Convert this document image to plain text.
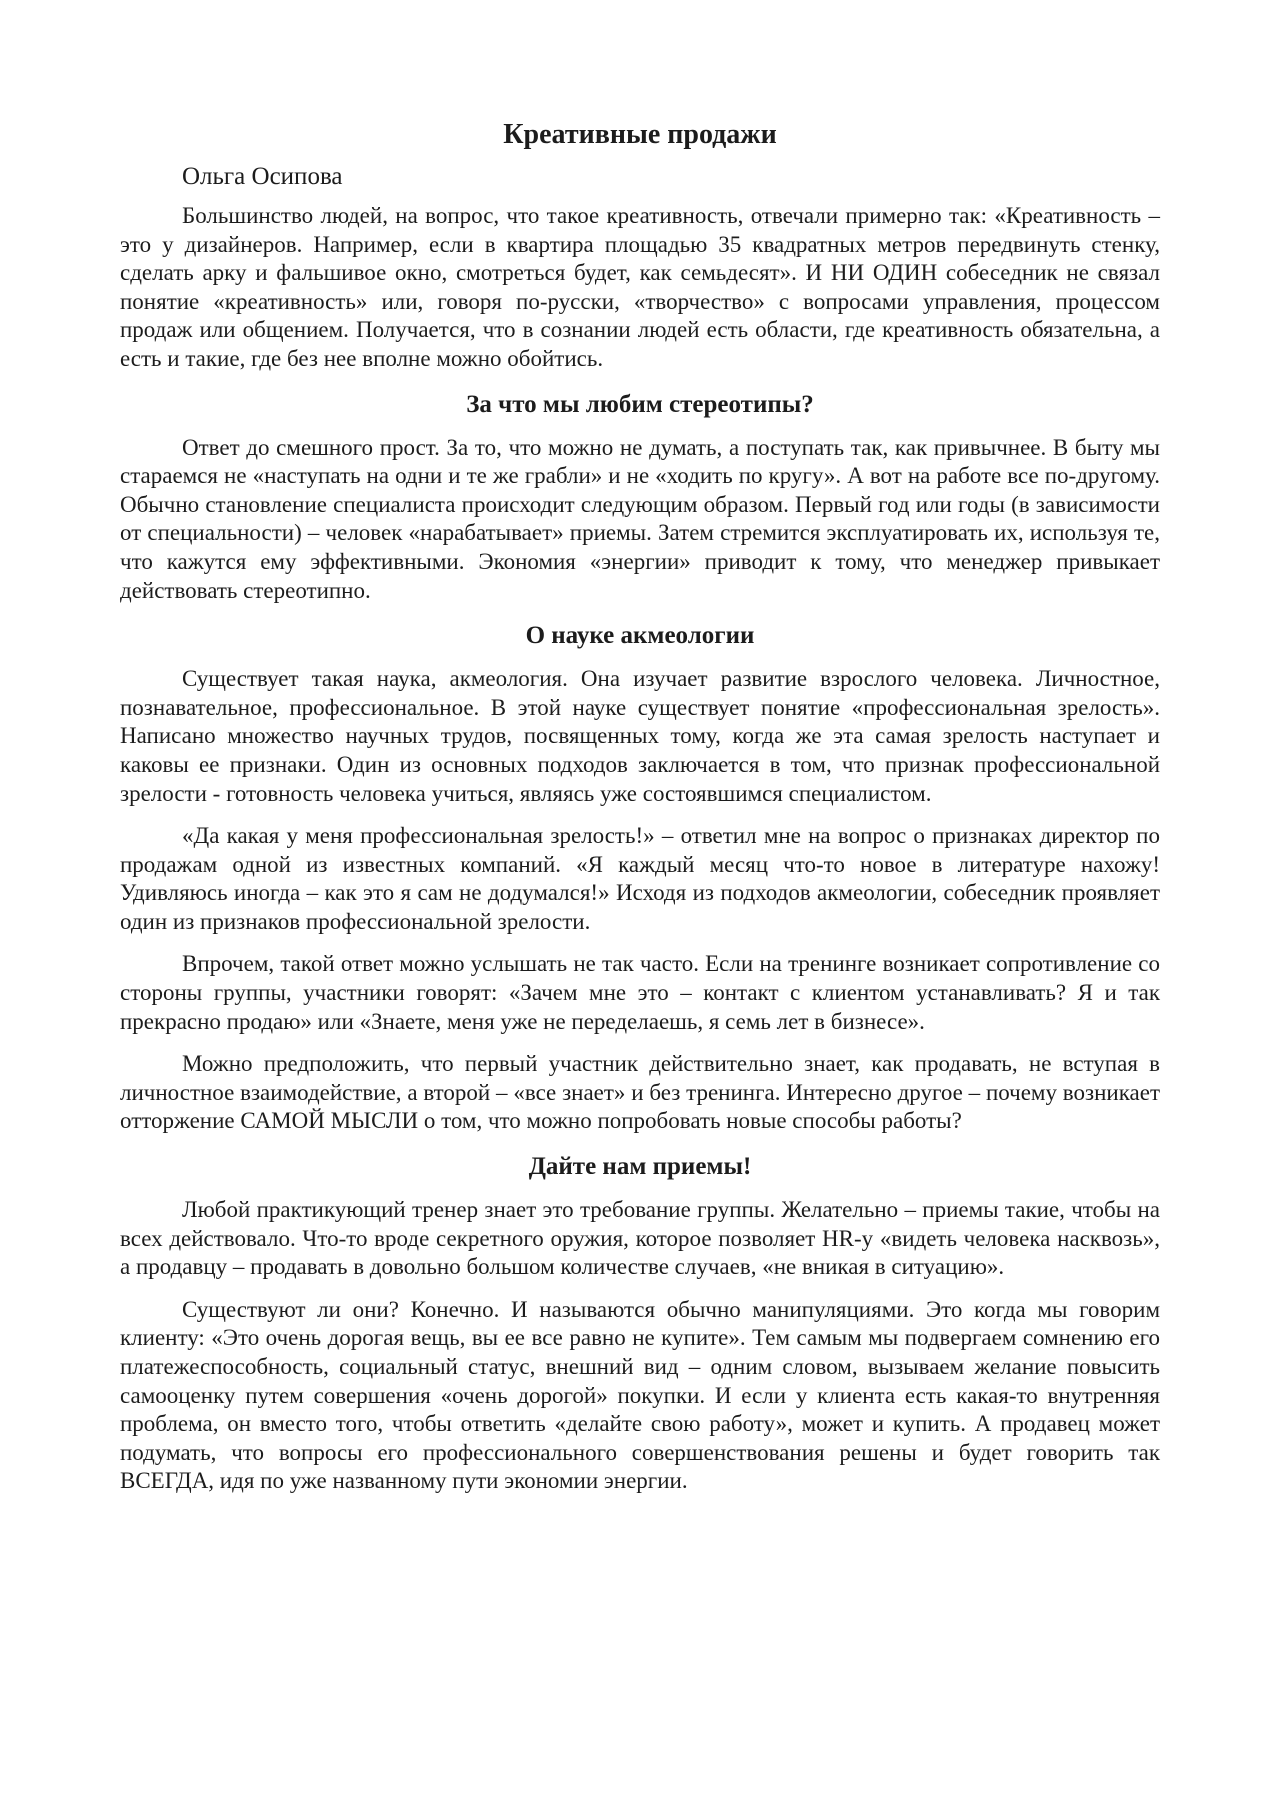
Креативные продажи
Ольга Осипова

Большинство людей, на вопрос, что такое креативность, отвечали примерно так: «Креативность – это у дизайнеров. Например, если в квартира площадью 35 квадратных метров передвинуть стенку, сделать арку и фальшивое окно, смотреться будет, как семьдесят». И НИ ОДИН собеседник не связал понятие «креативность» или, говоря по-русски, «творчество» с вопросами управления, процессом продаж или общением. Получается, что в сознании людей есть области, где креативность обязательна, а есть и такие, где без нее вполне можно обойтись.

За что мы любим стереотипы?

Ответ до смешного прост. За то, что можно не думать, а поступать так, как привычнее. В быту мы стараемся не «наступать на одни и те же грабли» и не «ходить по кругу». А вот на работе все по-другому. Обычно становление специалиста происходит следующим образом. Первый год или годы (в зависимости от специальности) – человек «нарабатывает» приемы. Затем стремится эксплуатировать их, используя те, что кажутся ему эффективными. Экономия «энергии» приводит к тому, что менеджер привыкает действовать стереотипно.

О науке акмеологии

Существует такая наука, акмеология. Она изучает развитие взрослого человека. Личностное, познавательное, профессиональное. В этой науке существует понятие «профессиональная зрелость». Написано множество научных трудов, посвященных тому, когда же эта самая зрелость наступает и каковы ее признаки. Один из основных подходов заключается в том, что признак профессиональной зрелости - готовность человека учиться, являясь уже состоявшимся специалистом.

«Да какая у меня профессиональная зрелость!» – ответил мне на вопрос о признаках директор по продажам одной из известных компаний. «Я каждый месяц что-то новое в литературе нахожу! Удивляюсь иногда – как это я сам не додумался!» Исходя из подходов акмеологии, собеседник проявляет один из признаков профессиональной зрелости.

Впрочем, такой ответ можно услышать не так часто. Если на тренинге возникает сопротивление со стороны группы, участники говорят: «Зачем мне это – контакт с клиентом устанавливать? Я и так прекрасно продаю» или «Знаете, меня уже не переделаешь, я семь лет в бизнесе».

Можно предположить, что первый участник действительно знает, как продавать, не вступая в личностное взаимодействие, а второй – «все знает» и без тренинга. Интересно другое – почему возникает отторжение САМОЙ МЫСЛИ о том, что можно попробовать новые способы работы?

Дайте нам приемы!

Любой практикующий тренер знает это требование группы. Желательно – приемы такие, чтобы на всех действовало. Что-то вроде секретного оружия, которое позволяет HR-у «видеть человека насквозь», а продавцу – продавать в довольно большом количестве случаев, «не вникая в ситуацию».

Существуют ли они? Конечно. И называются обычно манипуляциями. Это когда мы говорим клиенту: «Это очень дорогая вещь, вы ее все равно не купите». Тем самым мы подвергаем сомнению его платежеспособность, социальный статус, внешний вид – одним словом, вызываем желание повысить самооценку путем совершения «очень дорогой» покупки. И если у клиента есть какая-то внутренняя проблема, он вместо того, чтобы ответить «делайте свою работу», может и купить. А продавец может подумать, что вопросы его профессионального совершенствования решены и будет говорить так ВСЕГДА, идя по уже названному пути экономии энергии.
